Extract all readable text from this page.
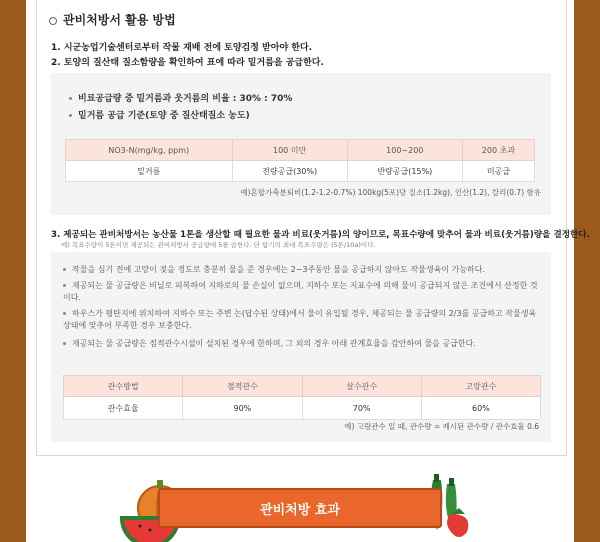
관비처방서 활용 방법
1. 시군농업기술센터로부터 작물 재배 전에 토양검정 받아야 한다.
2. 토양의 질산태 질소함량을 확인하여 표에 따라 밑거름을 공급한다.
비료공급량 중 밑거름과 웃거름의 비율 : 30% : 70%
밑거름 공급 기준(토양 중 질산태질소 농도)
NO3-N(mg/kg, ppm)	100 미만	100~200	200 초과
밑거름	전량공급(30%)	반량공급(15%)	미공급
예)혼합가축분퇴비(1.2-1.2-0.7%) 100kg(5포)당 질소(1.2kg), 인산(1.2), 칼리(0.7) 함유
3. 제공되는 관비처방서는 농산물 1톤을 생산할 때 필요한 물과 비료(웃거름)의 양이므로, 목표수량에 맞추어 물과 비료(웃거름)량을 결정한다.
예) 목표수량이 5톤이면 제공되는 관비처방서 공급량에 5를 곱한다. 단 탐기의 최대 목표수량은 (5톤/10a)이다.
작물을 심기 전에 고랑이 젖을 정도로 충분히 물을 준 경우에는 2~3주동안 물을 공급하지 않아도 작물생육이 가능하다.
제공되는 물 공급량은 비닐로 피복하여 지하로의 물 손실이 없으며, 지하수 또는 지표수에 의해 물이 공급되지 않은 조건에서 산정한 것이다.
하우스가 평탄지에 위치하여 지하수 또는 주변 논(답수된 상태)에서 물이 유입될 경우, 제공되는 물 공급량의 2/3를 공급하고 작물생육상태에 맞추어 부족한 경우 보충한다.
제공되는 물 공급량은 점적관수시설이 설치된 경우에 한하며, 그 외의 경우 아래 관계효율을 감안하여 물을 공급한다.
관수방법	점적관수	살수관수	고랑관수
관수효율	90%	70%	60%
예) 고랑관수 일 때, 관수량 = 제시된 관수량 / 관수효율 0.6
관비처방 효과
